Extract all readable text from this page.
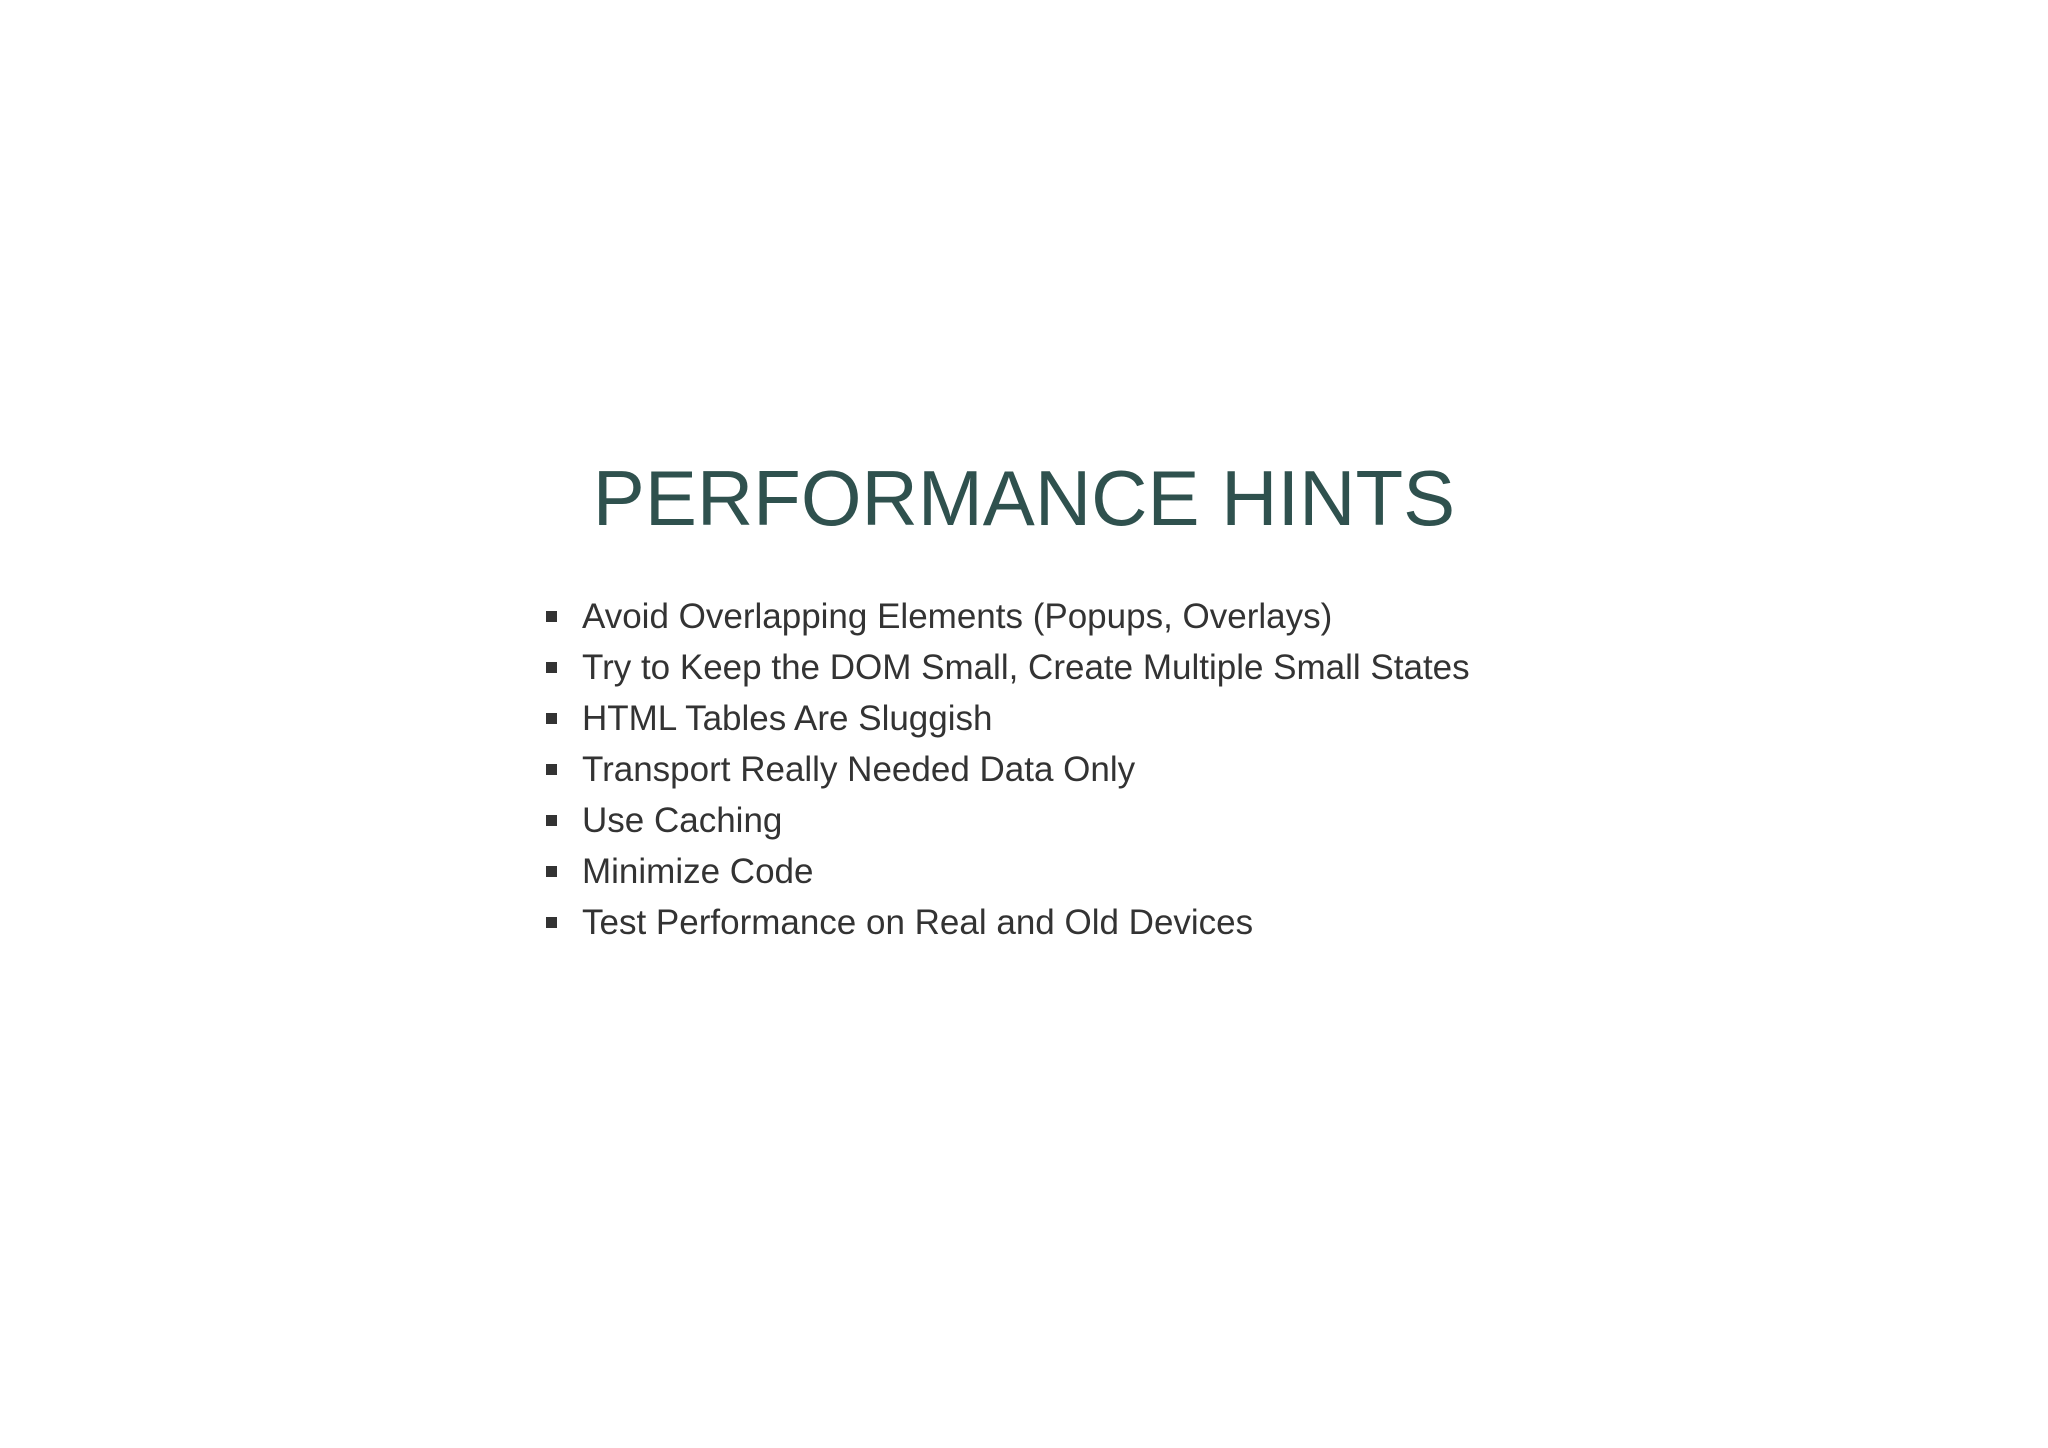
PERFORMANCE HINTS
Avoid Overlapping Elements (Popups, Overlays)
Try to Keep the DOM Small, Create Multiple Small States
HTML Tables Are Sluggish
Transport Really Needed Data Only
Use Caching
Minimize Code
Test Performance on Real and Old Devices
